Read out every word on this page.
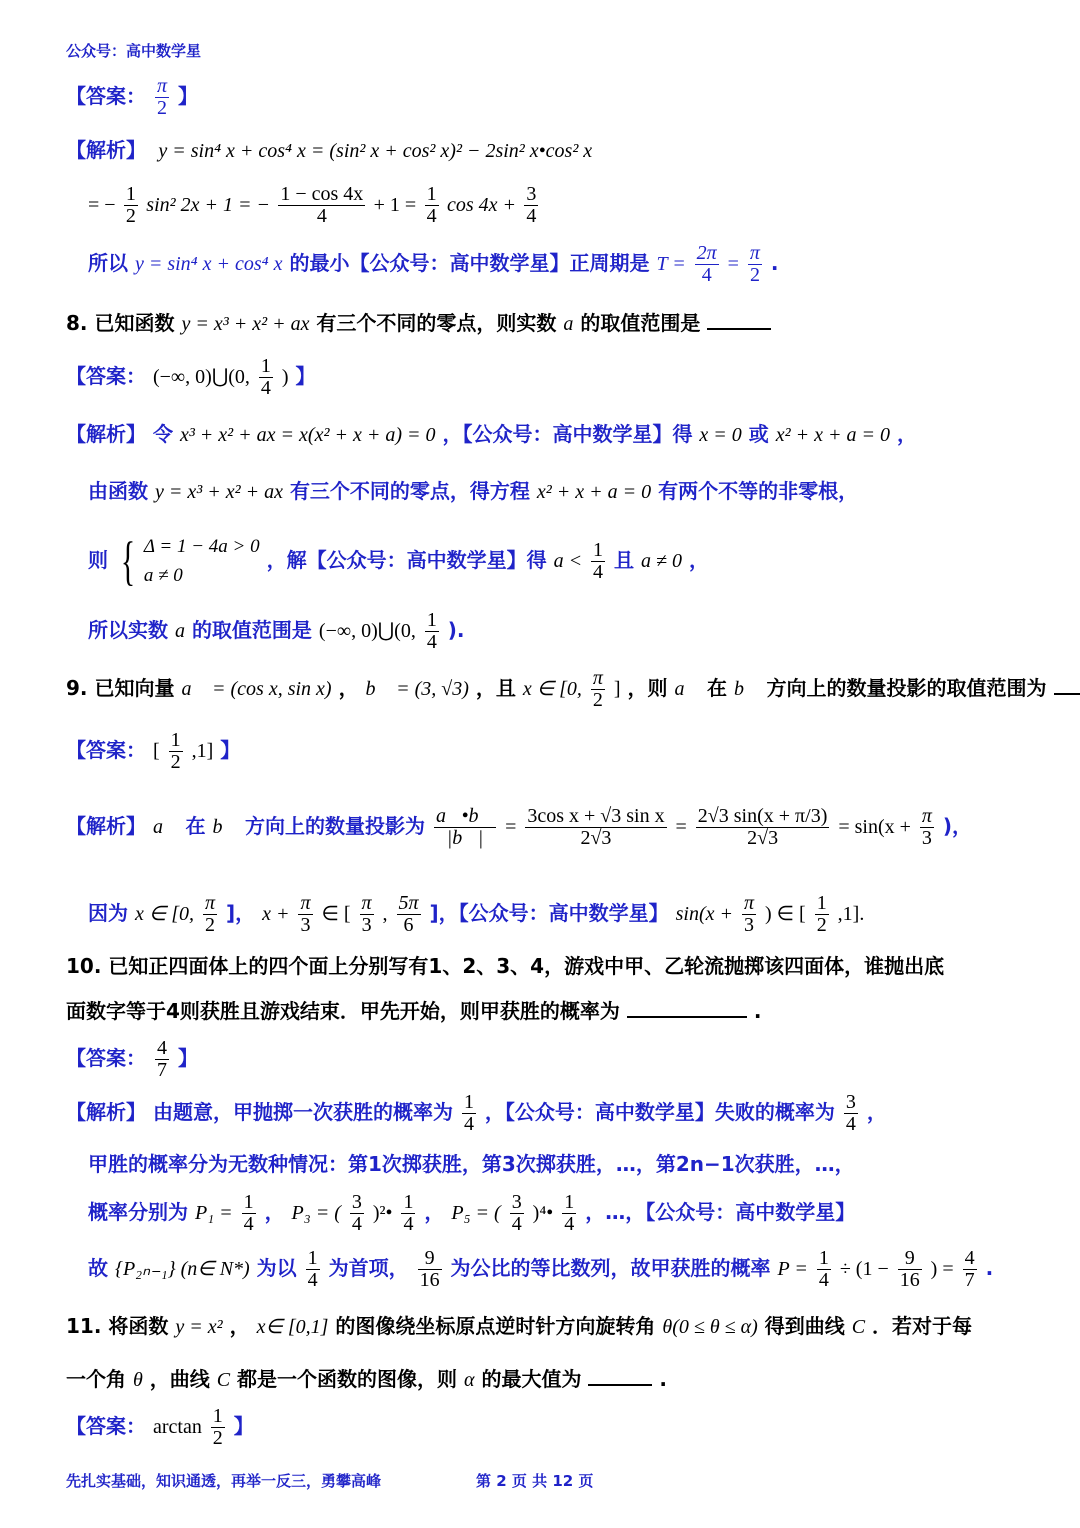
公众号：高中数学星
【答案： $\frac{\pi}{2}$ 】
【解析】 y = sin⁴ x + cos⁴ x = (sin² x + cos² x)² − 2sin² x•cos² x
= − $\frac{1}{2} \sin^2$ 2x + 1 = − $\frac{1 - \cos 4x}{4} + 1 = \frac{1}{4}$ $\cos 4x + \frac{3}{4}$
所以 y = sin⁴ x + cos⁴ x 的最小【公众号：高中数学星】正周期是 $T = \frac{2\pi}{4} = \frac{\pi}{2}$ .
8. 已知函数 y = x³ + x² + ax 有三个不同的零点，则实数 a 的取值范围是
【答案： (−∞, 0)⋃(0, $\frac{1}{4}$ ) 】
【解析】 令 x³ + x² + ax = x(x² + x + a) = 0 ，【公众号：高中数学星】得 x = 0 或 x² + x + a = 0 ，
由函数 y = x³ + x² + ax 有三个不同的零点，得方程 x² + x + a = 0 有两个不等的非零根，
则 { Δ = 1 − 4a > 0
a ≠ 0
，解【公众号：高中数学星】得 $a < \frac{1}{4}$ 且 a ≠ 0 ，
所以实数 a 的取值范围是 (−∞, 0)⋃(0, $\frac{1}{4}$ ).
9. 已知向量 a⃗ = (cos x, sin x) ， b⃗ = (3, √3) ，且 x ∈ [0, $\frac{\pi}{2}$ ] ，则 a⃗ 在 b⃗ 方向上的数量投影的取值范围为
【答案： [ $\frac{1}{2} ,1$] 】
【解析】 a⃗ 在 b⃗ 方向上的数量投影为 $\frac{a⃗•b⃗}{|b⃗|} = \frac{\text{3cos x + √3 sin x}}{2√3} = \frac{2√3 \sin(x + \pi/3)}{2√3} = \sin(x + \frac{\pi}{3}$ )，
因为 x ∈ [0, $\frac{\pi}{2}$ ]， $x + \frac{\pi}{3}$ ∈ [ $\frac{\pi}{3}$ , $\frac{5\pi}{6}$ ]，【公众号：高中数学星】 $\sin(x + \frac{\pi}{3}$ ) ∈ [ $\frac{1}{2} ,1$].
10. 已知正四面体上的四个面上分别写有1、2、3、4，游戏中甲、乙轮流抛掷该四面体，谁抛出底
面数字等于4则获胜且游戏结束．甲先开始，则甲获胜的概率为	.
【答案： $\frac{4}{7}$ 】
【解析】 由题意，甲抛掷一次获胜的概率为 $\frac{1}{4}$ ，【公众号：高中数学星】失败的概率为 $\frac{3}{4}$ ，
甲胜的概率分为无数种情况：第1次掷获胜，第3次掷获胜，…，第2n−1次获胜，…，
概率分别为 $P_1 = \frac{1}{4}$ ， P₃ = ( $\frac{3}{4}$ )²• $\frac{1}{4}$ ， P₅ = ( $\frac{3}{4}$ )⁴• $\frac{1}{4}$ ，…，【公众号：高中数学星】
故 {P₂ₙ₋₁} (n∈ N*) 为以 $\frac{1}{4}$ 为首项， $\frac{9}{16}$ 为公比的等比数列，故甲获胜的概率 $P = \frac{1}{4} \div (1 - \frac{9}{16}$ ) = $\frac{4}{7}$ .
11. 将函数 y = x² ， x∈ [0,1] 的图像绕坐标原点逆时针方向旋转角 θ(0 ≤ θ ≤ α) 得到曲线 C ．若对于每
一个角 θ ，曲线 C 都是一个函数的图像，则 α 的最大值为	.
【答案： $\arctan \frac{1}{2}$ 】
先扎实基础，知识通透，再举一反三，勇攀高峰	第 2 页 共 12 页
